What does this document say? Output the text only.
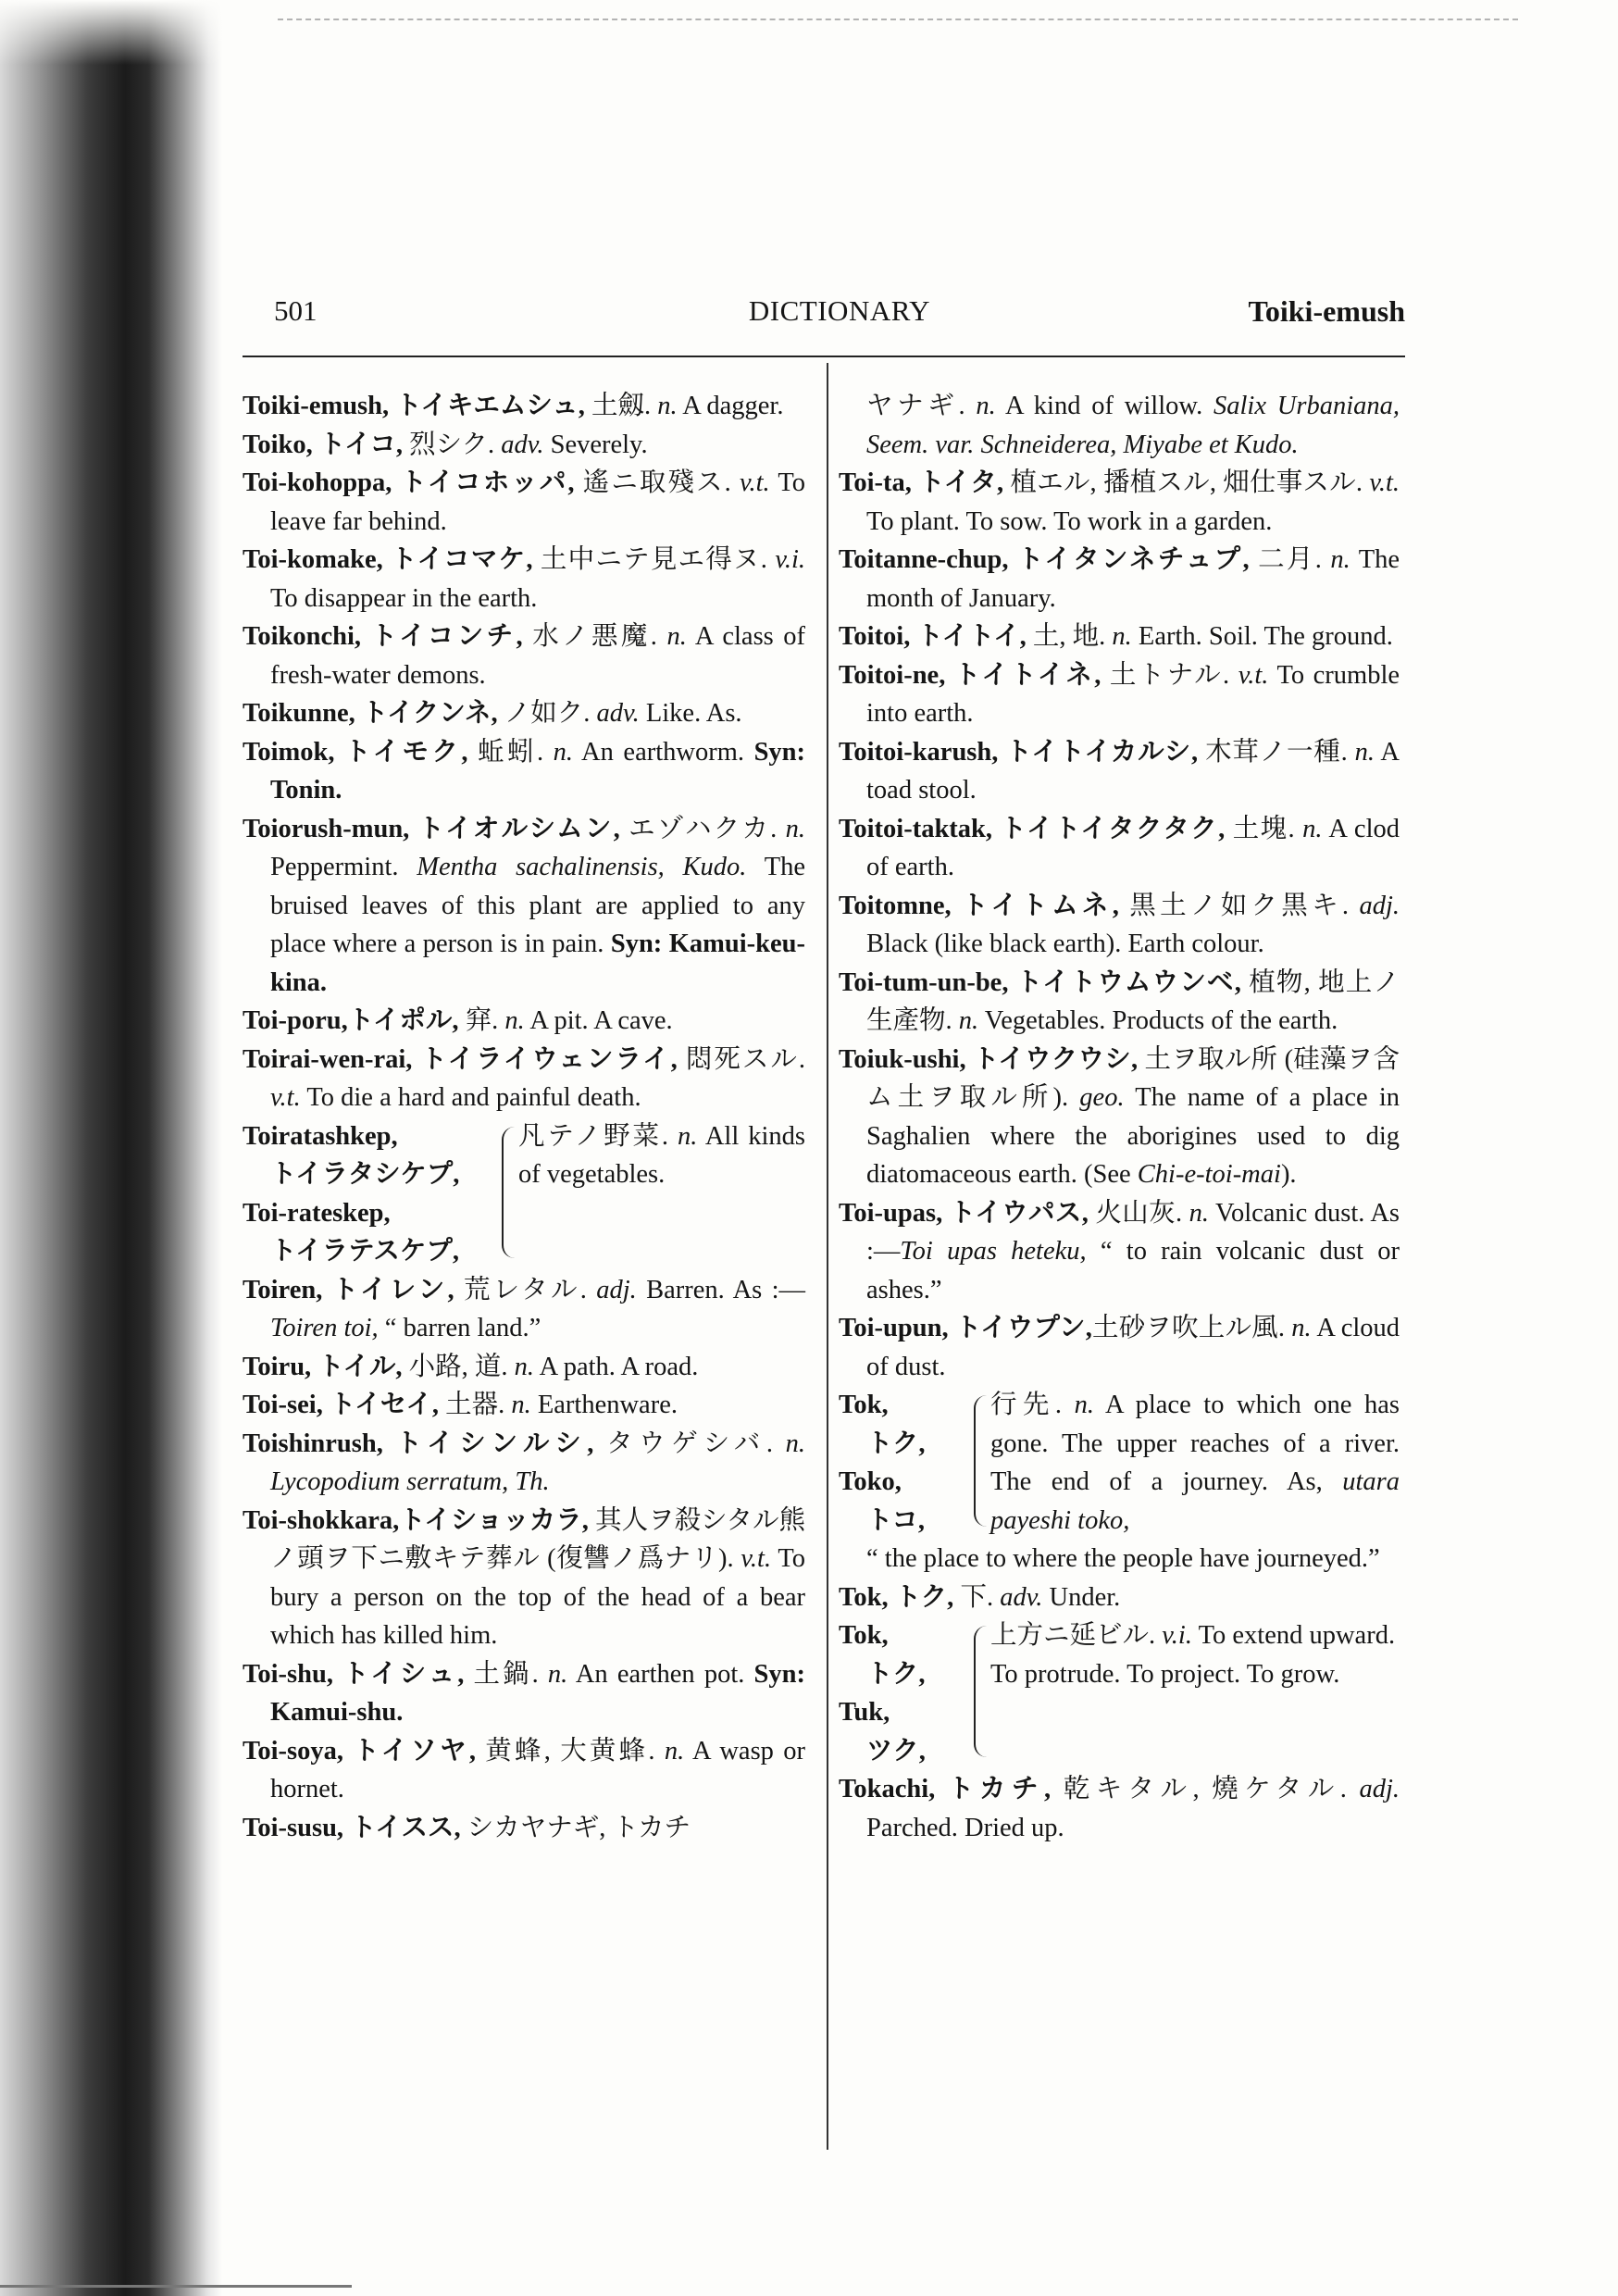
501	DICTIONARY	Toiki-emush
Toiki-emush, トイキエムシュ, 土劔. n. A dagger.
Toiko, トイコ, 烈シク. adv. Severely.
Toi-kohoppa, トイコホッパ, 遙ニ取殘ス. v.t. To leave far behind.
Toi-komake, トイコマケ, 土中ニテ見エ得ヌ. v.i. To disappear in the earth.
Toikonchi, トイコンチ, 水ノ悪魔. n. A class of fresh-water demons.
Toikunne, トイクンネ, ノ如ク. adv. Like. As.
Toimok, トイモク, 蚯蚓. n. An earthworm. Syn: Tonin.
Toiorush-mun, トイオルシムン, エゾハクカ. n. Peppermint. Mentha sachalinensis, Kudo. The bruised leaves of this plant are applied to any place where a person is in pain. Syn: Kamui-keu-kina.
Toi-poru,トイポル, 穽. n. A pit. A cave.
Toirai-wen-rai, トイライウェンライ, 悶死スル. v.t. To die a hard and painful death.
Toiratashkep,
トイラタシケプ,
Toi-rateskep,
トイラテスケプ,
凡テノ野菜. n. All kinds of vegetables.
Toiren, トイレン, 荒レタル. adj. Barren. As :—Toiren toi, “ barren land.”
Toiru, トイル, 小路, 道. n. A path. A road.
Toi-sei, トイセイ, 土器. n. Earthenware.
Toishinrush, トイシンルシ, タウゲシバ. n. Lycopodium serratum, Th.
Toi-shokkara,トイショッカラ, 其人ヲ殺シタル熊ノ頭ヲ下ニ敷キテ葬ル (復讐ノ爲ナリ). v.t. To bury a person on the top of the head of a bear which has killed him.
Toi-shu, トイシュ, 土鍋. n. An earthen pot. Syn: Kamui-shu.
Toi-soya, トイソヤ, 黄蜂, 大黄蜂. n. A wasp or hornet.
Toi-susu, トイスス, シカヤナギ, トカチ
ヤナギ. n. A kind of willow. Salix Urbaniana, Seem. var. Schneiderea, Miyabe et Kudo.
Toi-ta, トイタ, 植エル, 播植スル, 畑仕事スル. v.t. To plant. To sow. To work in a garden.
Toitanne-chup, トイタンネチュプ, 二月. n. The month of January.
Toitoi, トイトイ, 土, 地. n. Earth. Soil. The ground.
Toitoi-ne, トイトイネ, 土トナル. v.t. To crumble into earth.
Toitoi-karush, トイトイカルシ, 木茸ノ一種. n. A toad stool.
Toitoi-taktak, トイトイタクタク, 土塊. n. A clod of earth.
Toitomne, トイトムネ, 黒土ノ如ク黒キ. adj. Black (like black earth). Earth colour.
Toi-tum-un-be, トイトウムウンベ, 植物, 地上ノ生產物. n. Vegetables. Products of the earth.
Toiuk-ushi, トイウクウシ, 土ヲ取ル所 (硅藻ヲ含ム土ヲ取ル所). geo. The name of a place in Saghalien where the aborigines used to dig diatomaceous earth. (See Chi-e-toi-mai).
Toi-upas, トイウパス, 火山灰. n. Volcanic dust. As :—Toi upas heteku, “ to rain volcanic dust or ashes.”
Toi-upun, トイウプン,土砂ヲ吹上ル風. n. A cloud of dust.
Tok,
トク,
Toko,
トコ,
行先. n. A place to which one has gone. The upper reaches of a river. The end of a journey. As, utara payeshi toko,
“ the place to where the people have journeyed.”
Tok, トク, 下. adv. Under.
Tok,
トク,
Tuk,
ツク,
上方ニ延ビル. v.i. To extend upward. To protrude. To project. To grow.
Tokachi, トカチ, 乾キタル, 燒ケタル. adj. Parched. Dried up.
